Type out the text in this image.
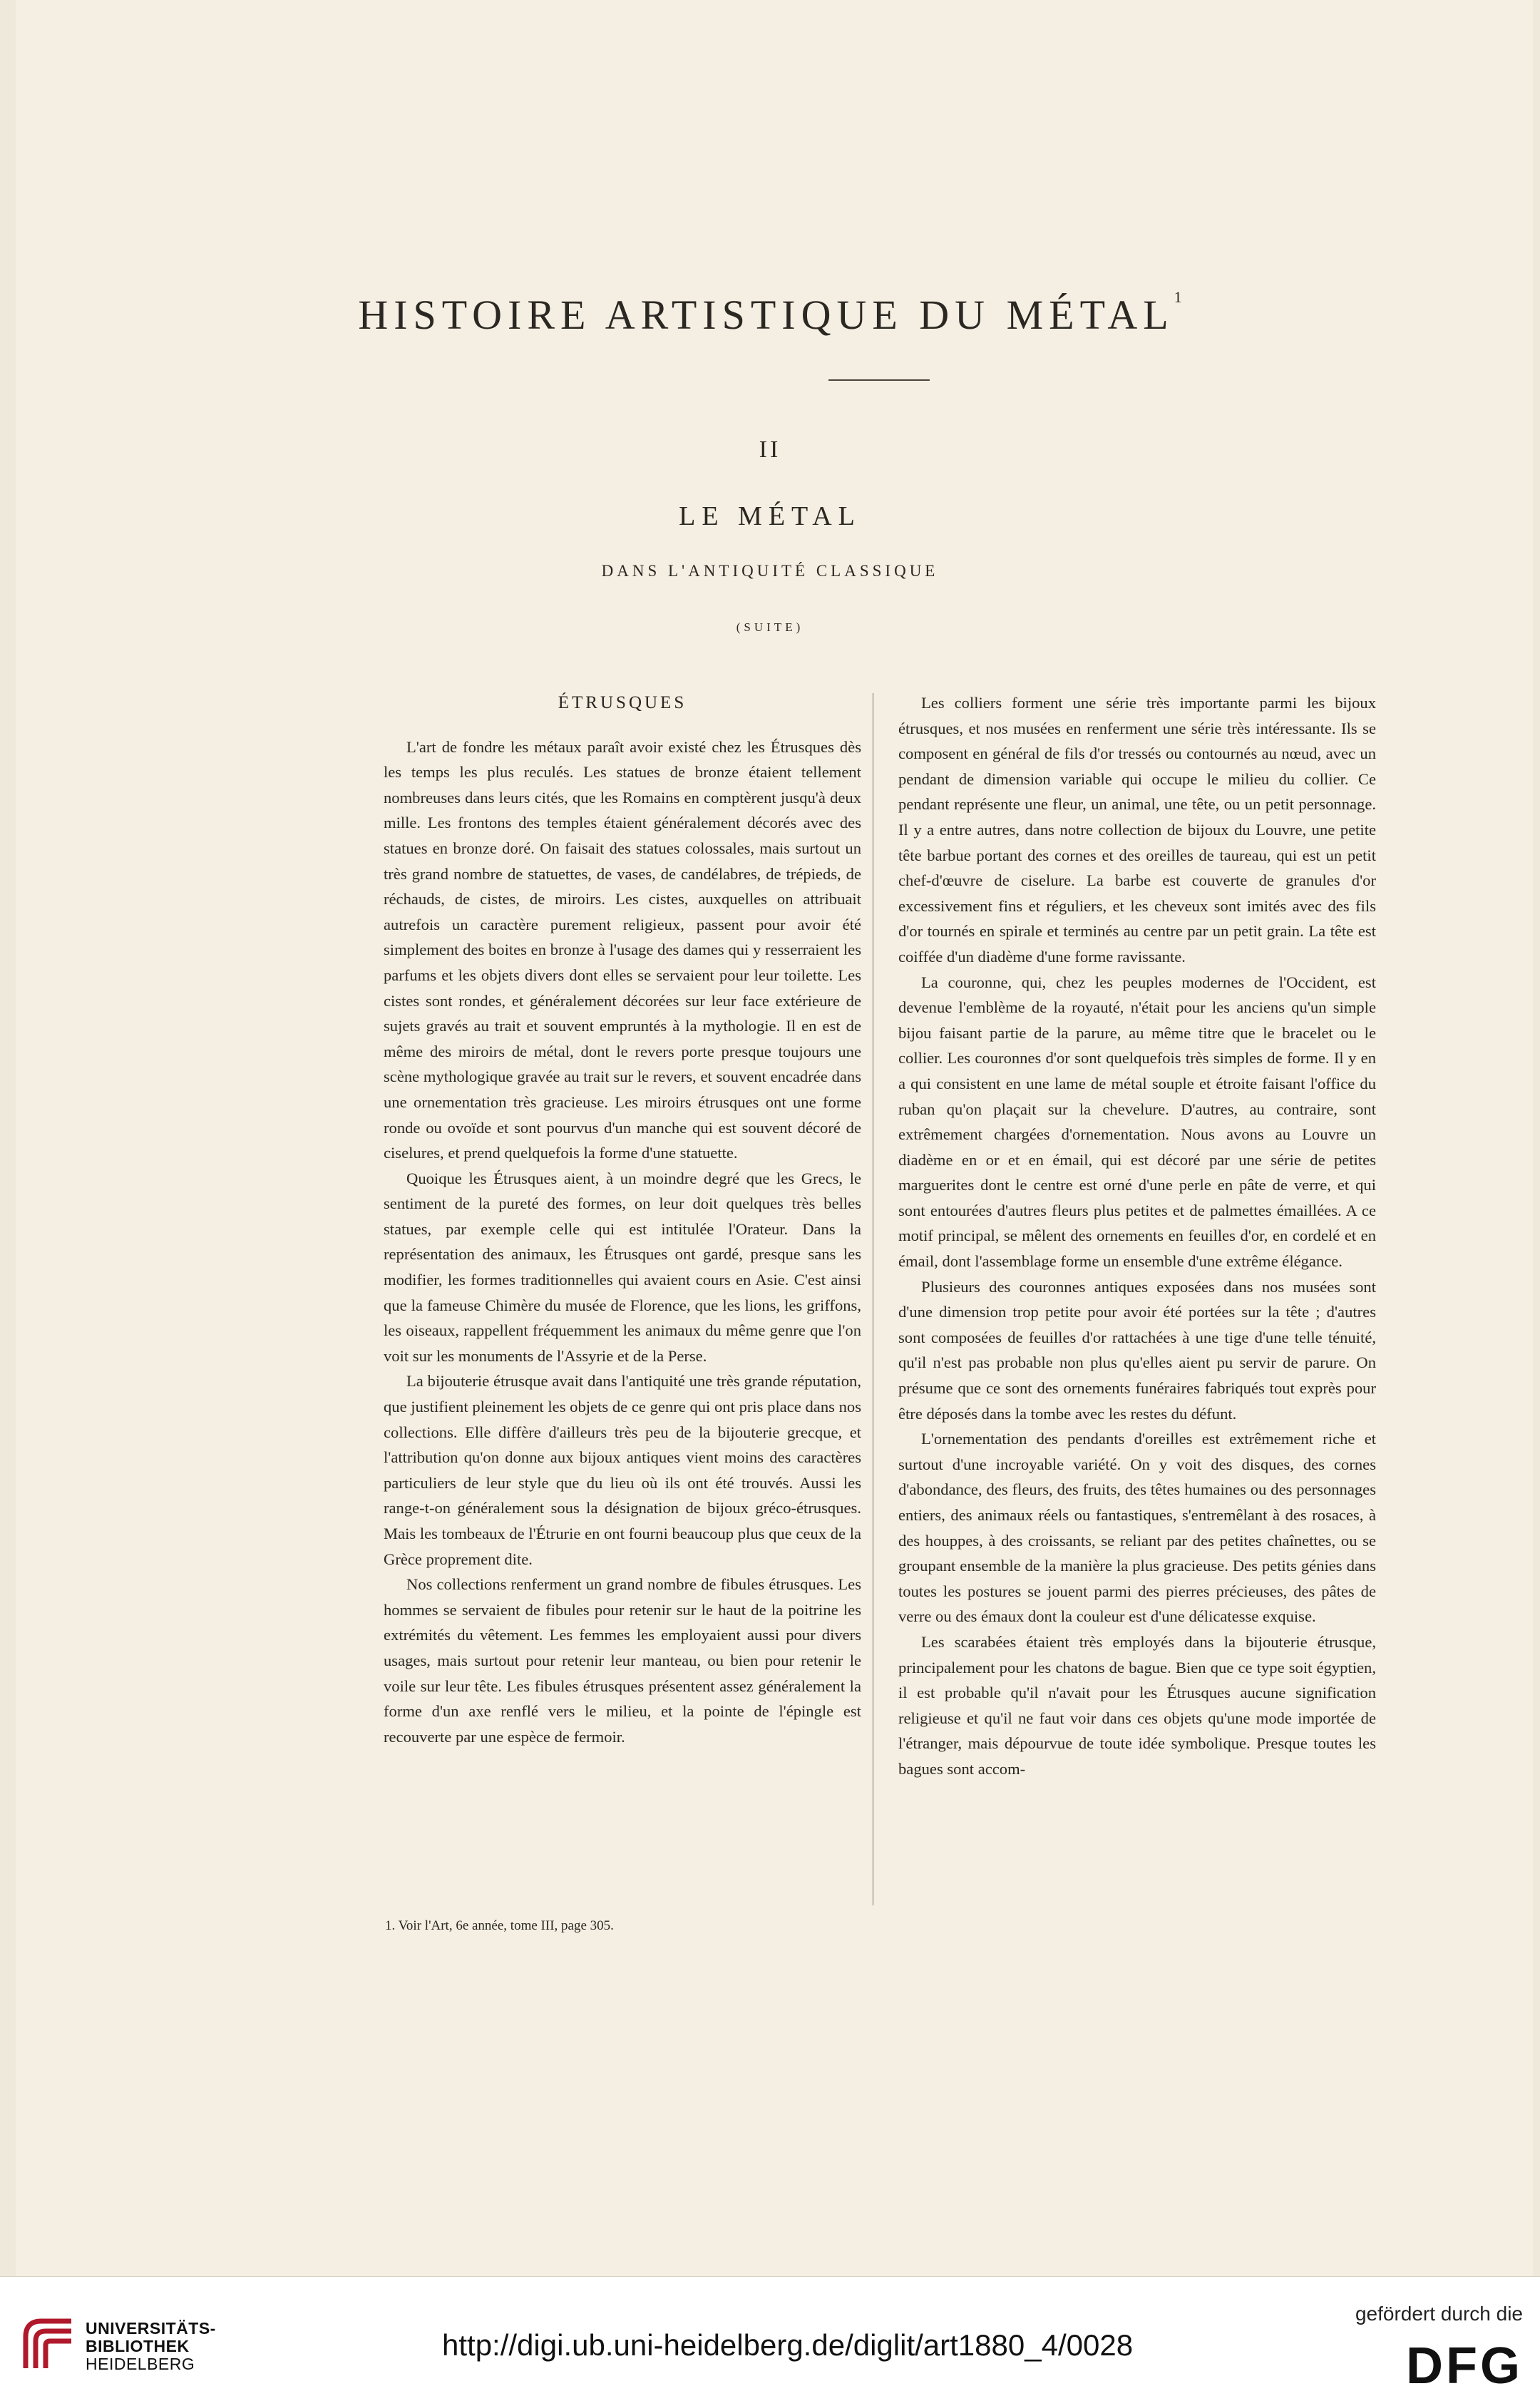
HISTOIRE ARTISTIQUE DU MÉTAL$^1$
II
LE MÉTAL
DANS L'ANTIQUITÉ CLASSIQUE
(SUITE)
ÉTRUSQUES

L'art de fondre les métaux paraît avoir existé chez les Étrusques dès les temps les plus reculés. Les statues de bronze étaient tellement nombreuses dans leurs cités, que les Romains en comptèrent jusqu'à deux mille. Les frontons des temples étaient généralement décorés avec des statues en bronze doré. On faisait des statues colossales, mais surtout un très grand nombre de statuettes, de vases, de candélabres, de trépieds, de réchauds, de cistes, de miroirs. Les cistes, auxquelles on attribuait autrefois un caractère purement religieux, passent pour avoir été simplement des boites en bronze à l'usage des dames qui y resserraient les parfums et les objets divers dont elles se servaient pour leur toilette. Les cistes sont rondes, et généralement décorées sur leur face extérieure de sujets gravés au trait et souvent empruntés à la mythologie. Il en est de même des miroirs de métal, dont le revers porte presque toujours une scène mythologique gravée au trait sur le revers, et souvent encadrée dans une ornementation très gracieuse. Les miroirs étrusques ont une forme ronde ou ovoïde et sont pourvus d'un manche qui est souvent décoré de ciselures, et prend quelquefois la forme d'une statuette.

Quoique les Étrusques aient, à un moindre degré que les Grecs, le sentiment de la pureté des formes, on leur doit quelques très belles statues, par exemple celle qui est intitulée l'Orateur. Dans la représentation des animaux, les Étrusques ont gardé, presque sans les modifier, les formes traditionnelles qui avaient cours en Asie. C'est ainsi que la fameuse Chimère du musée de Florence, que les lions, les griffons, les oiseaux, rappellent fréquemment les animaux du même genre que l'on voit sur les monuments de l'Assyrie et de la Perse.

La bijouterie étrusque avait dans l'antiquité une très grande réputation, que justifient pleinement les objets de ce genre qui ont pris place dans nos collections. Elle diffère d'ailleurs très peu de la bijouterie grecque, et l'attribution qu'on donne aux bijoux antiques vient moins des caractères particuliers de leur style que du lieu où ils ont été trouvés. Aussi les range-t-on généralement sous la désignation de bijoux gréco-étrusques. Mais les tombeaux de l'Étrurie en ont fourni beaucoup plus que ceux de la Grèce proprement dite.

Nos collections renferment un grand nombre de fibules étrusques. Les hommes se servaient de fibules pour retenir sur le haut de la poitrine les extrémités du vêtement. Les femmes les employaient aussi pour divers usages, mais surtout pour retenir leur manteau, ou bien pour retenir le voile sur leur tête. Les fibules étrusques présentent assez généralement la forme d'un axe renflé vers le milieu, et la pointe de l'épingle est recouverte par une espèce de fermoir.

Les colliers forment une série très importante parmi les bijoux étrusques, et nos musées en renferment une série très intéressante. Ils se composent en général de fils d'or tressés ou contournés au nœud, avec un pendant de dimension variable qui occupe le milieu du collier. Ce pendant représente une fleur, un animal, une tête, ou un petit personnage. Il y a entre autres, dans notre collection de bijoux du Louvre, une petite tête barbue portant des cornes et des oreilles de taureau, qui est un petit chef-d'œuvre de ciselure. La barbe est couverte de granules d'or excessivement fins et réguliers, et les cheveux sont imités avec des fils d'or tournés en spirale et terminés au centre par un petit grain. La tête est coiffée d'un diadème d'une forme ravissante.

La couronne, qui, chez les peuples modernes de l'Occident, est devenue l'emblème de la royauté, n'était pour les anciens qu'un simple bijou faisant partie de la parure, au même titre que le bracelet ou le collier. Les couronnes d'or sont quelquefois très simples de forme. Il y en a qui consistent en une lame de métal souple et étroite faisant l'office du ruban qu'on plaçait sur la chevelure. D'autres, au contraire, sont extrêmement chargées d'ornementation. Nous avons au Louvre un diadème en or et en émail, qui est décoré par une série de petites marguerites dont le centre est orné d'une perle en pâte de verre, et qui sont entourées d'autres fleurs plus petites et de palmettes émaillées. A ce motif principal, se mêlent des ornements en feuilles d'or, en cordelé et en émail, dont l'assemblage forme un ensemble d'une extrême élégance.

Plusieurs des couronnes antiques exposées dans nos musées sont d'une dimension trop petite pour avoir été portées sur la tête ; d'autres sont composées de feuilles d'or rattachées à une tige d'une telle ténuité, qu'il n'est pas probable non plus qu'elles aient pu servir de parure. On présume que ce sont des ornements funéraires fabriqués tout exprès pour être déposés dans la tombe avec les restes du défunt.

L'ornementation des pendants d'oreilles est extrêmement riche et surtout d'une incroyable variété. On y voit des disques, des cornes d'abondance, des fleurs, des fruits, des têtes humaines ou des personnages entiers, des animaux réels ou fantastiques, s'entremêlant à des rosaces, à des houppes, à des croissants, se reliant par des petites chaînettes, ou se groupant ensemble de la manière la plus gracieuse. Des petits génies dans toutes les postures se jouent parmi des pierres précieuses, des pâtes de verre ou des émaux dont la couleur est d'une délicatesse exquise.

Les scarabées étaient très employés dans la bijouterie étrusque, principalement pour les chatons de bague. Bien que ce type soit égyptien, il est probable qu'il n'avait pour les Étrusques aucune signification religieuse et qu'il ne faut voir dans ces objets qu'une mode importée de l'étranger, mais dépourvue de toute idée symbolique. Presque toutes les bagues sont accom-

1. Voir l'Art, 6e année, tome III, page 305.
UNIVERSITÄTS-
BIBLIOTHEK
HEIDELBERG
http://digi.ub.uni-heidelberg.de/diglit/art1880_4/0028
gefördert durch die
DFG
